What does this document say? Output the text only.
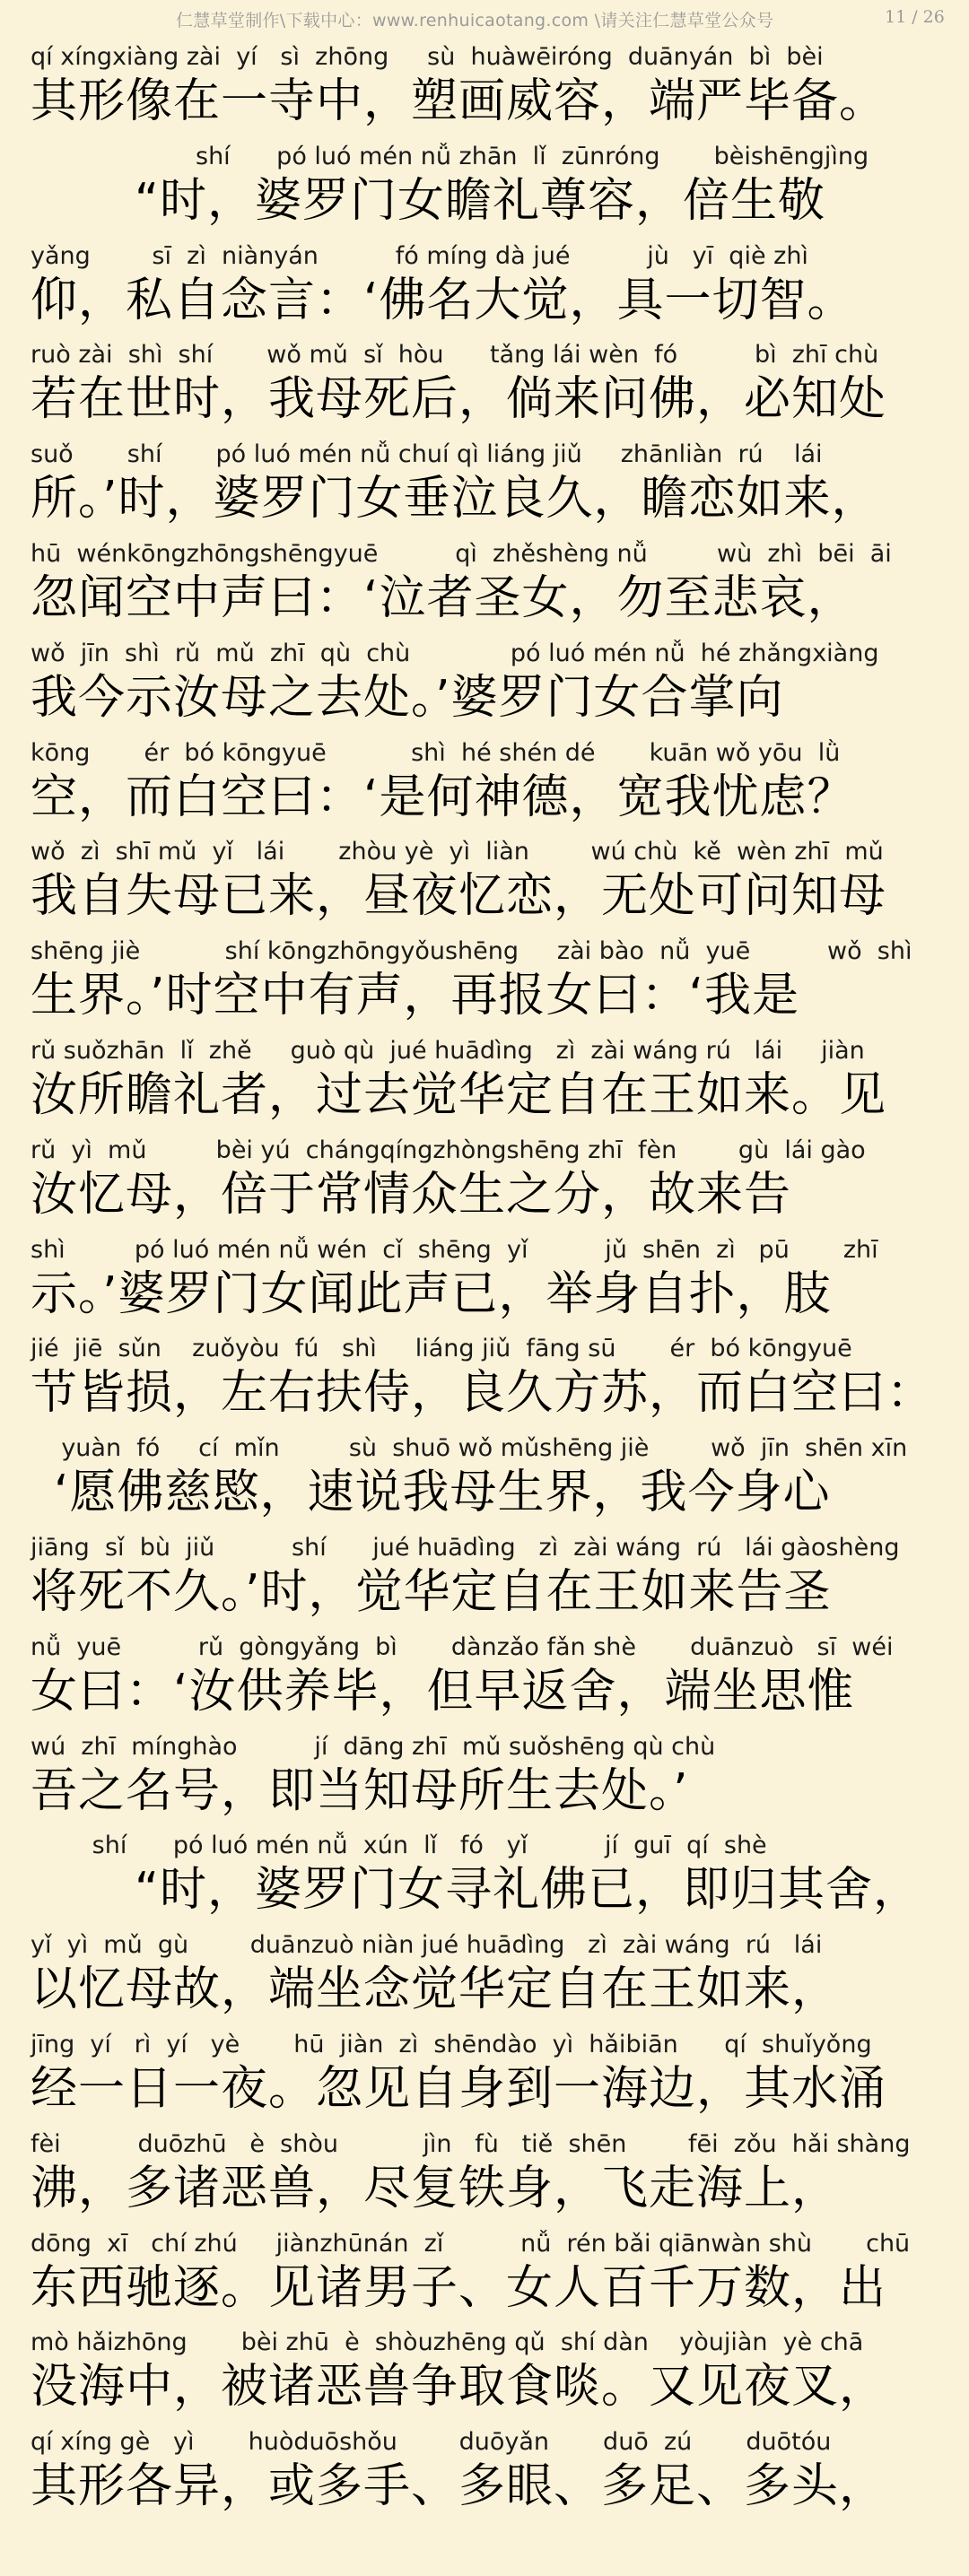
仁慧草堂制作\下载中心：www.renhuicaotang.com \请关注仁慧草堂公众号	11 / 26
qí xíngxiàng zài  yí   sì  zhōng     sù  huàwēiróng  duānyán  bì  bèi
其形像在一寺中，塑画威容，端严毕备。
shí      pó luó mén nǚ zhān  lǐ  zūnróng       bèishēngjìng
“时，婆罗门女瞻礼尊容，倍生敬
yǎng        sī  zì  niànyán          fó míng dà jué          jù   yī  qiè zhì
仰，私自念言：‘佛名大觉，具一切智。
ruò zài  shì  shí       wǒ mǔ  sǐ  hòu      tǎng lái wèn  fó          bì  zhī chù
若在世时，我母死后，倘来问佛，必知处
suǒ       shí       pó luó mén nǚ chuí qì liáng jiǔ     zhānliàn  rú    lái
所。’时，婆罗门女垂泣良久，瞻恋如来，
hū  wénkōngzhōngshēngyuē          qì  zhěshèng nǚ         wù  zhì  bēi  āi
忽闻空中声曰：‘泣者圣女，勿至悲哀，
wǒ  jīn  shì  rǔ  mǔ  zhī  qù  chù             pó luó mén nǚ  hé zhǎngxiàng
我今示汝母之去处。’婆罗门女合掌向
kōng       ér  bó kōngyuē           shì  hé shén dé       kuān wǒ yōu  lǜ
空，而白空曰：‘是何神德，宽我忧虑？
wǒ  zì  shī mǔ  yǐ   lái       zhòu yè  yì  liàn        wú chù  kě  wèn zhī  mǔ
我自失母已来，昼夜忆恋，无处可问知母
shēng jiè           shí kōngzhōngyǒushēng     zài bào  nǚ  yuē          wǒ  shì
生界。’时空中有声，再报女曰：‘我是
rǔ suǒzhān  lǐ  zhě     guò qù  jué huādìng   zì  zài wáng rú   lái     jiàn
汝所瞻礼者，过去觉华定自在王如来。见
rǔ  yì  mǔ         bèi yú  chángqíngzhòngshēng zhī  fèn        gù  lái gào
汝忆母，倍于常情众生之分，故来告
shì         pó luó mén nǚ wén  cǐ  shēng  yǐ          jǔ  shēn  zì   pū       zhī
示。’婆罗门女闻此声已，举身自扑，肢
jié  jiē  sǔn    zuǒyòu  fú   shì     liáng jiǔ  fāng sū       ér  bó kōngyuē
节皆损，左右扶侍，良久方苏，而白空曰：
yuàn  fó     cí  mǐn         sù  shuō wǒ mǔshēng jiè        wǒ  jīn  shēn xīn
‘愿佛慈愍，速说我母生界，我今身心
jiāng  sǐ  bù  jiǔ          shí      jué huādìng   zì  zài wáng  rú   lái gàoshèng
将死不久。’时，觉华定自在王如来告圣
nǚ  yuē          rǔ  gòngyǎng  bì       dànzǎo fǎn shè       duānzuò   sī  wéi
女曰：‘汝供养毕，但早返舍，端坐思惟
wú  zhī  mínghào          jí  dāng zhī  mǔ suǒshēng qù chù
吾之名号，即当知母所生去处。’
shí      pó luó mén nǚ  xún  lǐ   fó   yǐ          jí  guī  qí  shè
“时，婆罗门女寻礼佛已，即归其舍，
yǐ  yì  mǔ  gù        duānzuò niàn jué huādìng   zì  zài wáng  rú   lái
以忆母故，端坐念觉华定自在王如来，
jīng  yí   rì  yí   yè       hū  jiàn  zì  shēndào  yì  hǎibiān      qí  shuǐyǒng
经一日一夜。忽见自身到一海边，其水涌
fèi          duōzhū   è  shòu           jìn   fù   tiě  shēn        fēi  zǒu  hǎi shàng
沸，多诸恶兽，尽复铁身，飞走海上，
dōng  xī   chí zhú     jiànzhūnán  zǐ          nǚ  rén bǎi qiānwàn shù       chū
东西驰逐。见诸男子、女人百千万数，出
mò hǎizhōng       bèi zhū  è  shòuzhēng qǔ  shí dàn    yòujiàn  yè chā
没海中，被诸恶兽争取食啖。又见夜叉，
qí xíng gè   yì       huòduōshǒu        duōyǎn       duō  zú       duōtóu
其形各异，或多手、多眼、多足、多头，
